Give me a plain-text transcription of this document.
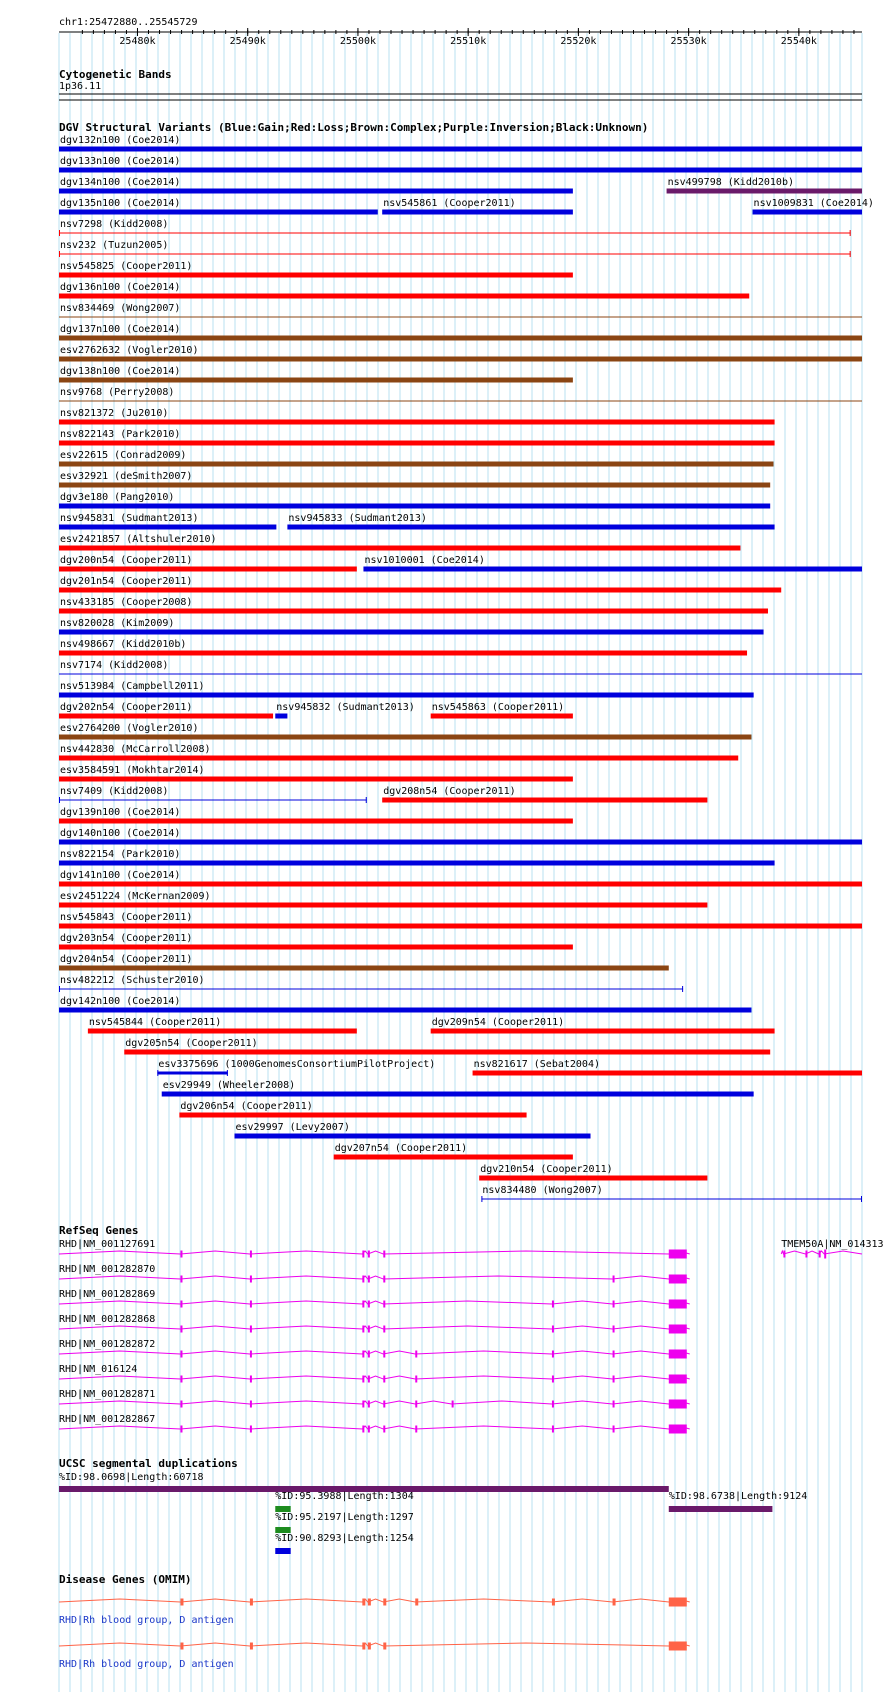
chr1:25472880..25545729
25480k	25490k	25500k	25510k	25520k	25530k	25540k
Cytogenetic Bands
1p36.11
DGV Structural Variants (Blue:Gain;Red:Loss;Brown:Complex;Purple:Inversion;Black:Unknown)
dgv132n100 (Coe2014)
dgv133n100 (Coe2014)
dgv134n100 (Coe2014)	nsv499798 (Kidd2010b)
dgv135n100 (Coe2014)	nsv545861 (Cooper2011)	nsv1009831 (Coe2014)
nsv7298 (Kidd2008)
nsv232 (Tuzun2005)
nsv545825 (Cooper2011)
dgv136n100 (Coe2014)
nsv834469 (Wong2007)
dgv137n100 (Coe2014)
esv2762632 (Vogler2010)
dgv138n100 (Coe2014)
nsv9768 (Perry2008)
nsv821372 (Ju2010)
nsv822143 (Park2010)
esv22615 (Conrad2009)
esv32921 (deSmith2007)
dgv3e180 (Pang2010)
nsv945831 (Sudmant2013)	nsv945833 (Sudmant2013)
esv2421857 (Altshuler2010)
dgv200n54 (Cooper2011)	nsv1010001 (Coe2014)
dgv201n54 (Cooper2011)
nsv433185 (Cooper2008)
nsv820028 (Kim2009)
nsv498667 (Kidd2010b)
nsv7174 (Kidd2008)
nsv513984 (Campbell2011)
dgv202n54 (Cooper2011)	nsv945832 (Sudmant2013) nsv545863 (Cooper2011)
esv2764200 (Vogler2010)
nsv442830 (McCarroll2008)
esv3584591 (Mokhtar2014)
nsv7409 (Kidd2008)	dgv208n54 (Cooper2011)
dgv139n100 (Coe2014)
dgv140n100 (Coe2014)
nsv822154 (Park2010)
dgv141n100 (Coe2014)
esv2451224 (McKernan2009)
nsv545843 (Cooper2011)
dgv203n54 (Cooper2011)
dgv204n54 (Cooper2011)
nsv482212 (Schuster2010)
dgv142n100 (Coe2014)
nsv545844 (Cooper2011)	dgv209n54 (Cooper2011)
dgv205n54 (Cooper2011)
esv3375696 (1000GenomesConsortiumPilotProject)	nsv821617 (Sebat2004)
esv29949 (Wheeler2008)
dgv206n54 (Cooper2011)
esv29997 (Levy2007)
dgv207n54 (Cooper2011)
dgv210n54 (Cooper2011)
nsv834480 (Wong2007)
RefSeq Genes
RHD|NM_001127691
RHD|NM_001282870
RHD|NM_001282869
RHD|NM_001282868
RHD|NM_001282872
RHD|NM_016124
RHD|NM_001282871
RHD|NM_001282867
TMEM50A|NM_014313
UCSC segmental duplications
%ID:98.0698|Length:60718
%ID:95.3988|Length:1304
%ID:95.2197|Length:1297
%ID:90.8293|Length:1254
%ID:98.6738|Length:9124
Disease Genes (OMIM)
RHD|Rh blood group, D antigen
RHD|Rh blood group, D antigen
